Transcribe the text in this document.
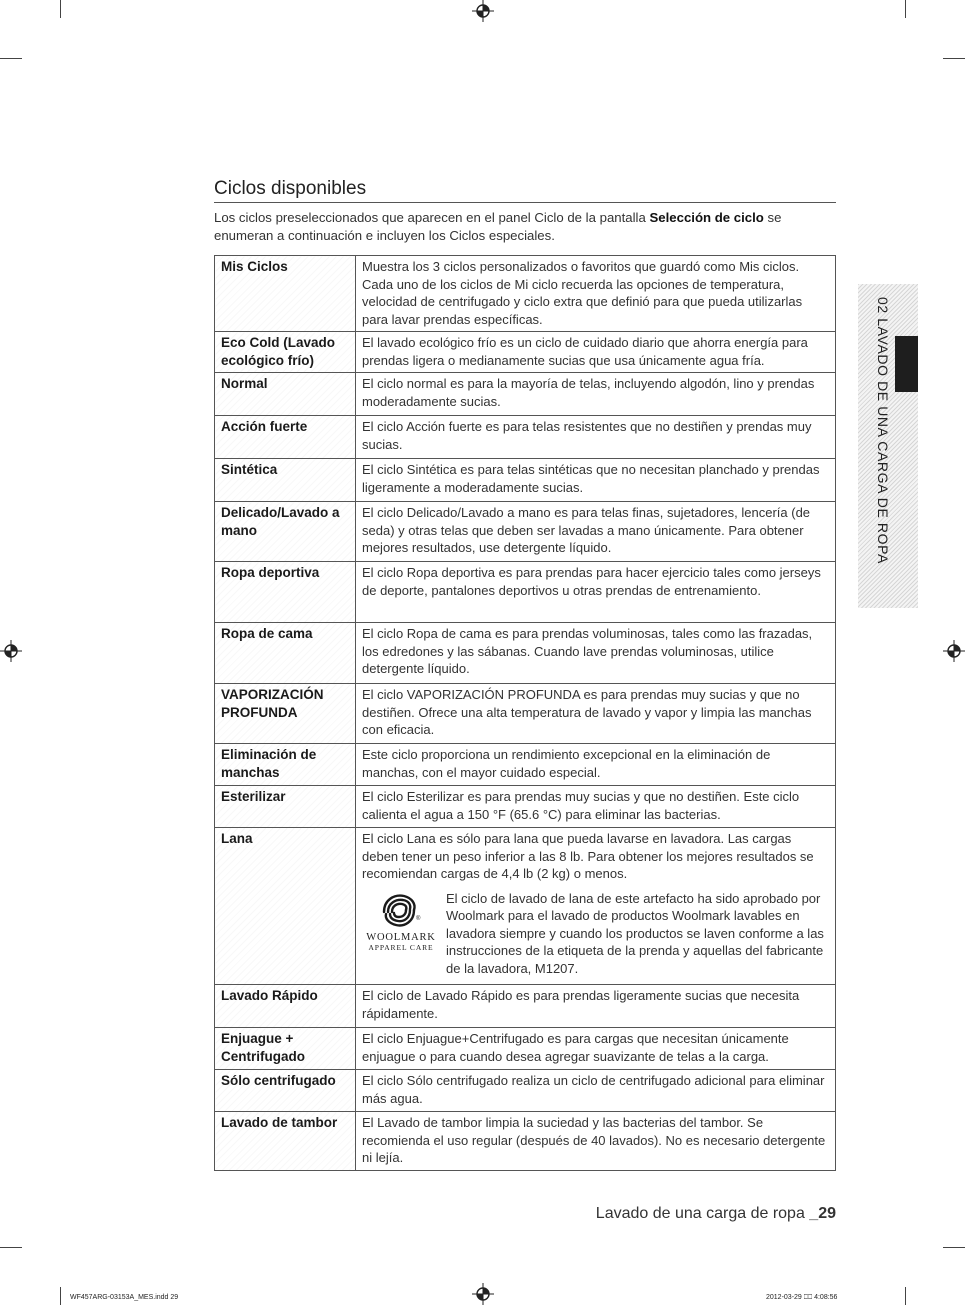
Ciclos disponibles

Los ciclos preseleccionados que aparecen en el panel Ciclo de la pantalla Selección de ciclo se enumeran a continuación e incluyen los Ciclos especiales.

Mis Ciclos	Muestra los 3 ciclos personalizados o favoritos que guardó como Mis ciclos. Cada uno de los ciclos de Mi ciclo recuerda las opciones de temperatura, velocidad de centrifugado y ciclo extra que definió para que pueda utilizarlas para lavar prendas específicas.
Eco Cold (Lavado ecológico frío)	El lavado ecológico frío es un ciclo de cuidado diario que ahorra energía para prendas ligera o medianamente sucias que usa únicamente agua fría.
Normal	El ciclo normal es para la mayoría de telas, incluyendo algodón, lino y prendas moderadamente sucias.
Acción fuerte	El ciclo Acción fuerte es para telas resistentes que no destiñen y prendas muy sucias.
Sintética	El ciclo Sintética es para telas sintéticas que no necesitan planchado y prendas ligeramente a moderadamente sucias.
Delicado/Lavado a mano	El ciclo Delicado/Lavado a mano es para telas finas, sujetadores, lencería (de seda) y otras telas que deben ser lavadas a mano únicamente. Para obtener mejores resultados, use detergente líquido.
Ropa deportiva	El ciclo Ropa deportiva es para prendas para hacer ejercicio tales como jerseys de deporte, pantalones deportivos u otras prendas de entrenamiento.
Ropa de cama	El ciclo Ropa de cama es para prendas voluminosas, tales como las frazadas, los edredones y las sábanas. Cuando lave prendas voluminosas, utilice detergente líquido.
VAPORIZACIÓN PROFUNDA	El ciclo VAPORIZACIÓN PROFUNDA es para prendas muy sucias y que no destiñen. Ofrece una alta temperatura de lavado y vapor y limpia las manchas con eficacia.
Eliminación de manchas	Este ciclo proporciona un rendimiento excepcional en la eliminación de manchas, con el mayor cuidado especial.
Esterilizar	El ciclo Esterilizar es para prendas muy sucias y que no destiñen. Este ciclo calienta el agua a 150 °F (65.6 °C) para eliminar las bacterias.
Lana	El ciclo Lana es sólo para lana que pueda lavarse en lavadora. Las cargas deben tener un peso inferior a las 8 lb. Para obtener los mejores resultados se recomiendan cargas de 4,4 lb (2 kg) o menos.
®
WOOLMARK
APPAREL CARE
El ciclo de lavado de lana de este artefacto ha sido aprobado por Woolmark para el lavado de productos Woolmark lavables en lavadora siempre y cuando los productos se laven conforme a las instrucciones de la etiqueta de la prenda y aquellas del fabricante de la lavadora, M1207.

Lavado Rápido	El ciclo de Lavado Rápido es para prendas ligeramente sucias que necesita rápidamente.
Enjuague + Centrifugado	El ciclo Enjuague+Centrifugado es para cargas que necesitan únicamente enjuague o para cuando desea agregar suavizante de telas a la carga.
Sólo centrifugado	El ciclo Sólo centrifugado realiza un ciclo de centrifugado adicional para eliminar más agua.
Lavado de tambor	El Lavado de tambor limpia la suciedad y las bacterias del tambor. Se recomienda el uso regular (después de 40 lavados). No es necesario detergente ni lejía.
02 LAVADO DE UNA CARGA DE ROPA
Lavado de una carga de ropa _29
WF457ARG-03153A_MES.indd 29	2012-03-29 ⎕⎕ 4:08:56
